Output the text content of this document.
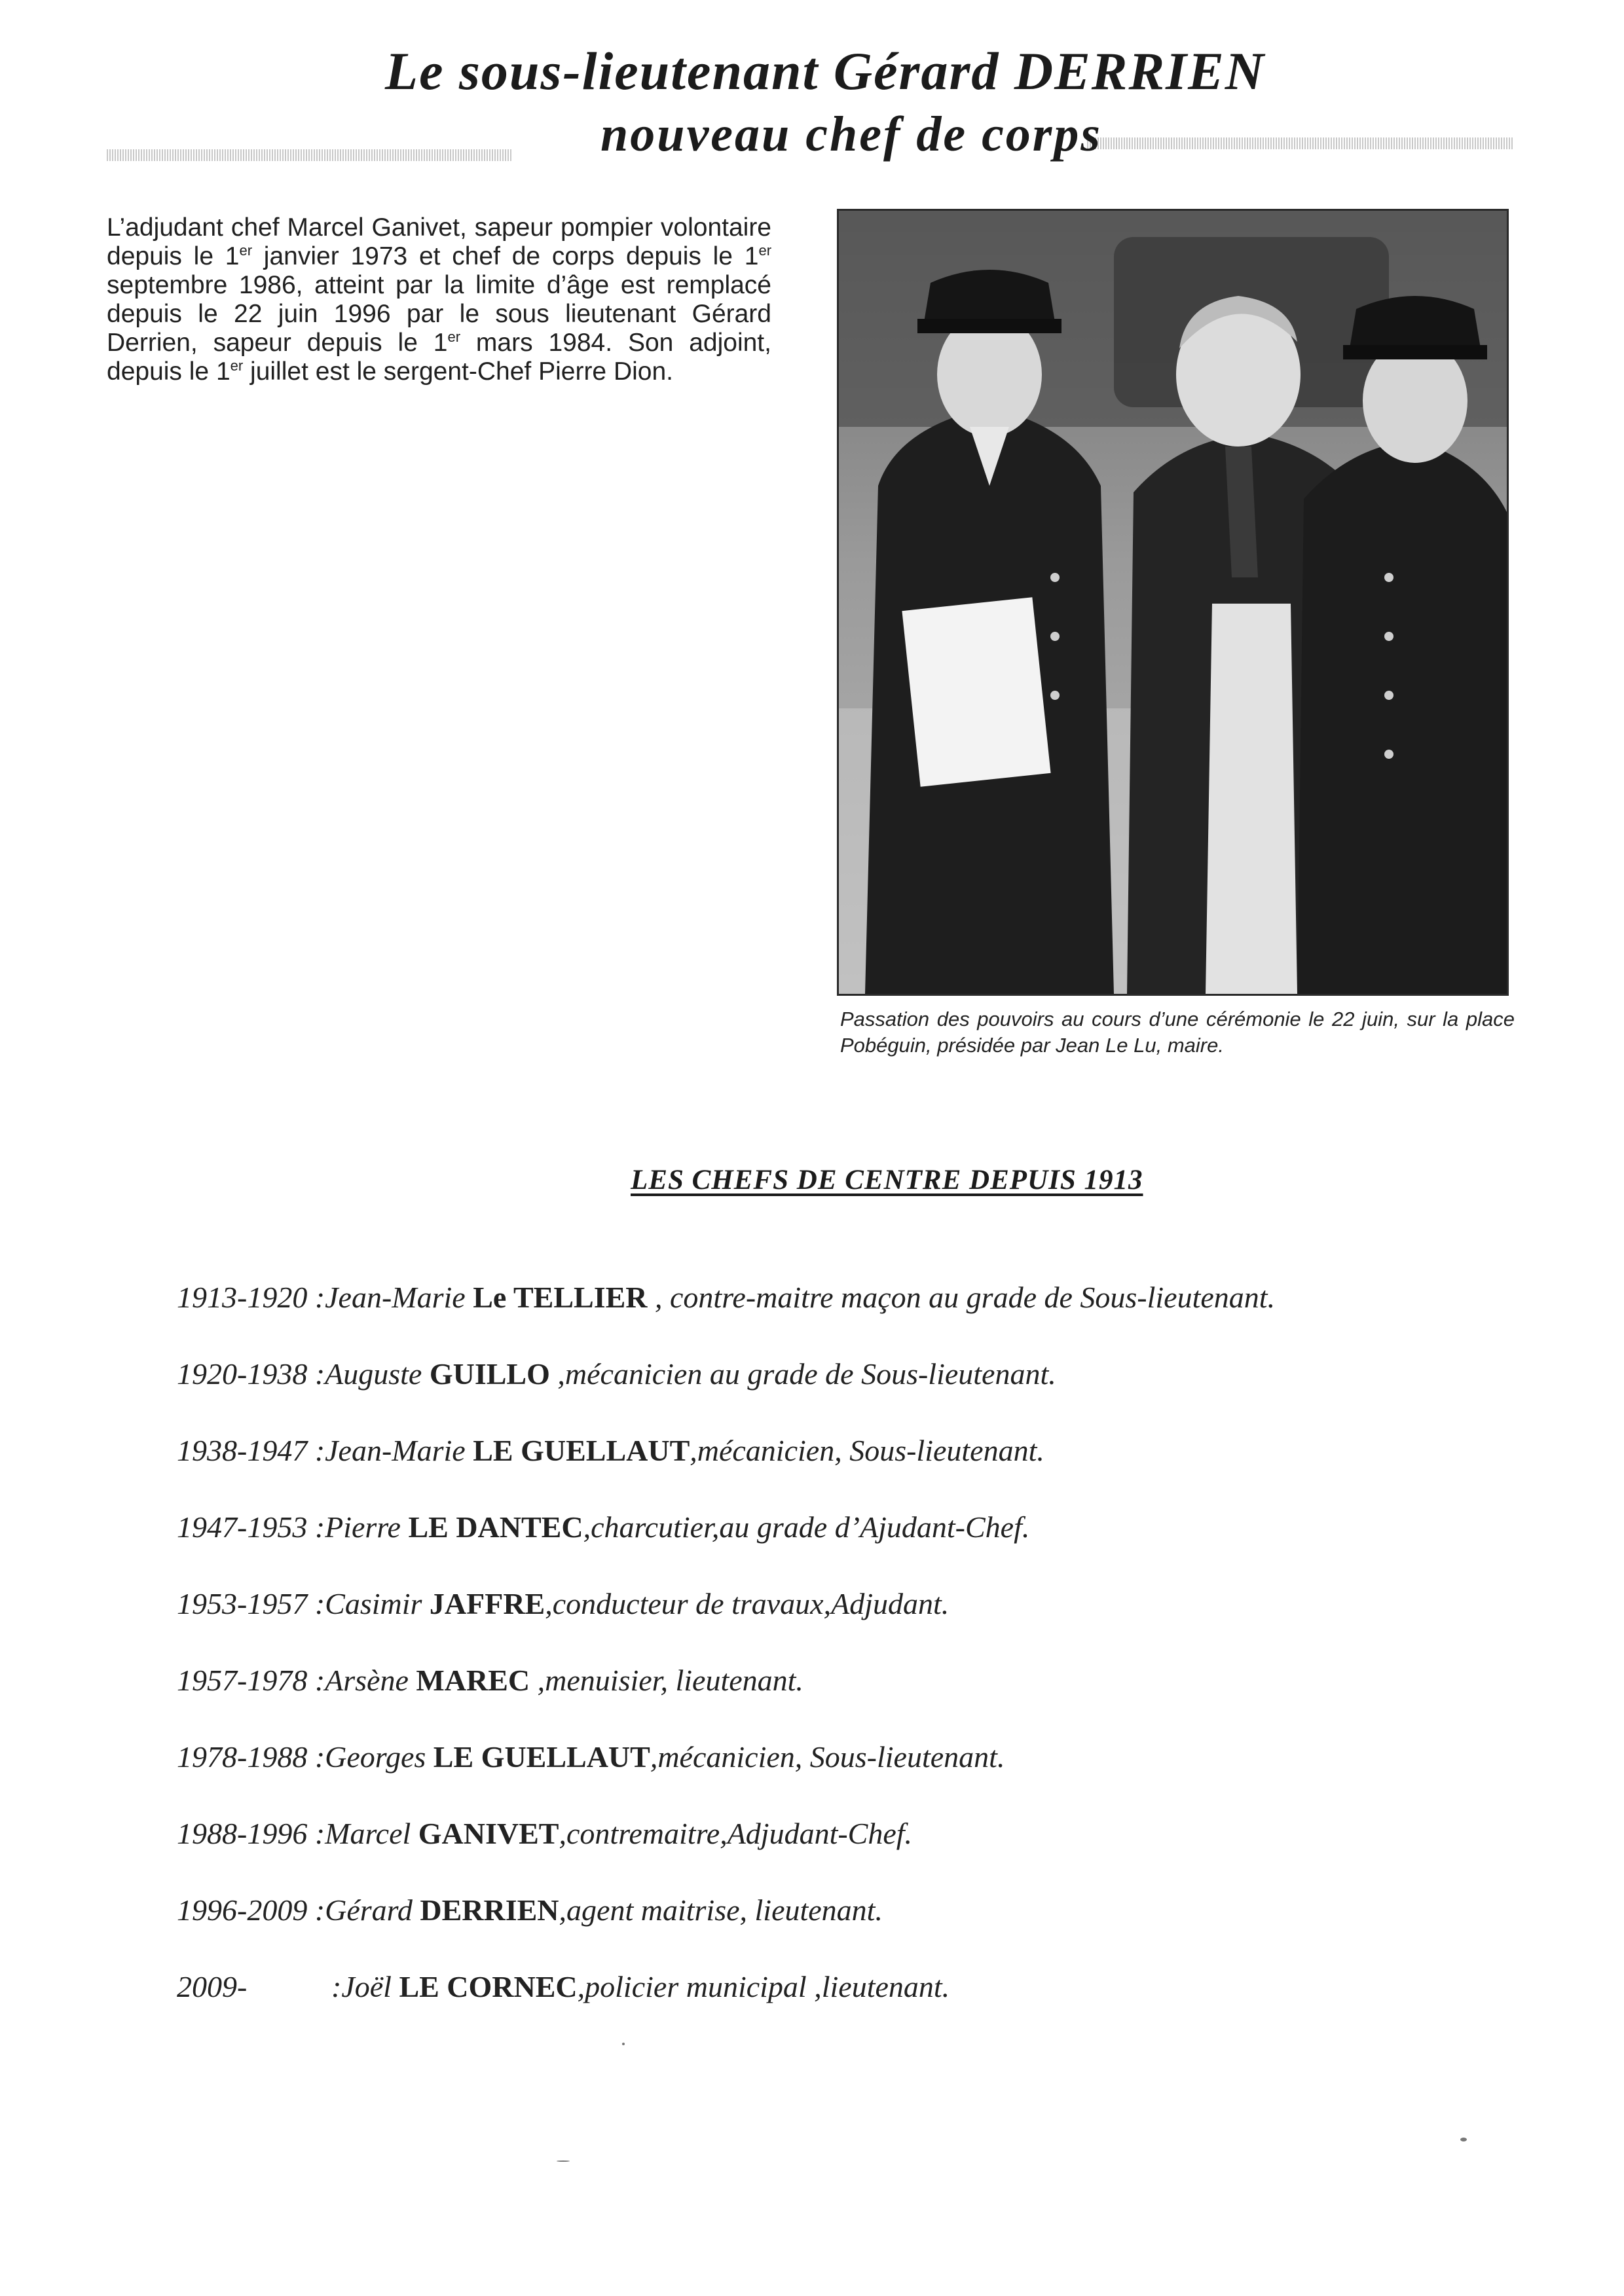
Le sous-lieutenant Gérard DERRIEN
nouveau chef de corps

L’adjudant chef Marcel Ganivet, sapeur pompier volontaire depuis le 1er janvier 1973 et chef de corps depuis le 1er septembre 1986, atteint par la limite d’âge est remplacé depuis le 22 juin 1996 par le sous lieutenant Gérard Derrien, sapeur depuis le 1er mars 1984. Son adjoint, depuis le 1er juillet est le sergent-Chef Pierre Dion.

Passation des pouvoirs au cours d’une cérémonie le 22 juin, sur la place Pobéguin, présidée par Jean Le Lu, maire.

LES CHEFS DE CENTRE DEPUIS 1913
1913-1920 :Jean-Marie Le TELLIER , contre-maitre maçon au grade de Sous-lieutenant.
1920-1938 :Auguste GUILLO ,mécanicien au grade de Sous-lieutenant.
1938-1947 :Jean-Marie LE GUELLAUT,mécanicien, Sous-lieutenant.
1947-1953 :Pierre LE DANTEC,charcutier,au grade d’Ajudant-Chef.
1953-1957 :Casimir JAFFRE,conducteur de travaux,Adjudant.
1957-1978 :Arsène MAREC ,menuisier, lieutenant.
1978-1988 :Georges LE GUELLAUT,mécanicien, Sous-lieutenant.
1988-1996 :Marcel GANIVET,contremaitre,Adjudant-Chef.
1996-2009 :Gérard DERRIEN,agent maitrise, lieutenant.
2009-	:Joël LE CORNEC,policier municipal ,lieutenant.
